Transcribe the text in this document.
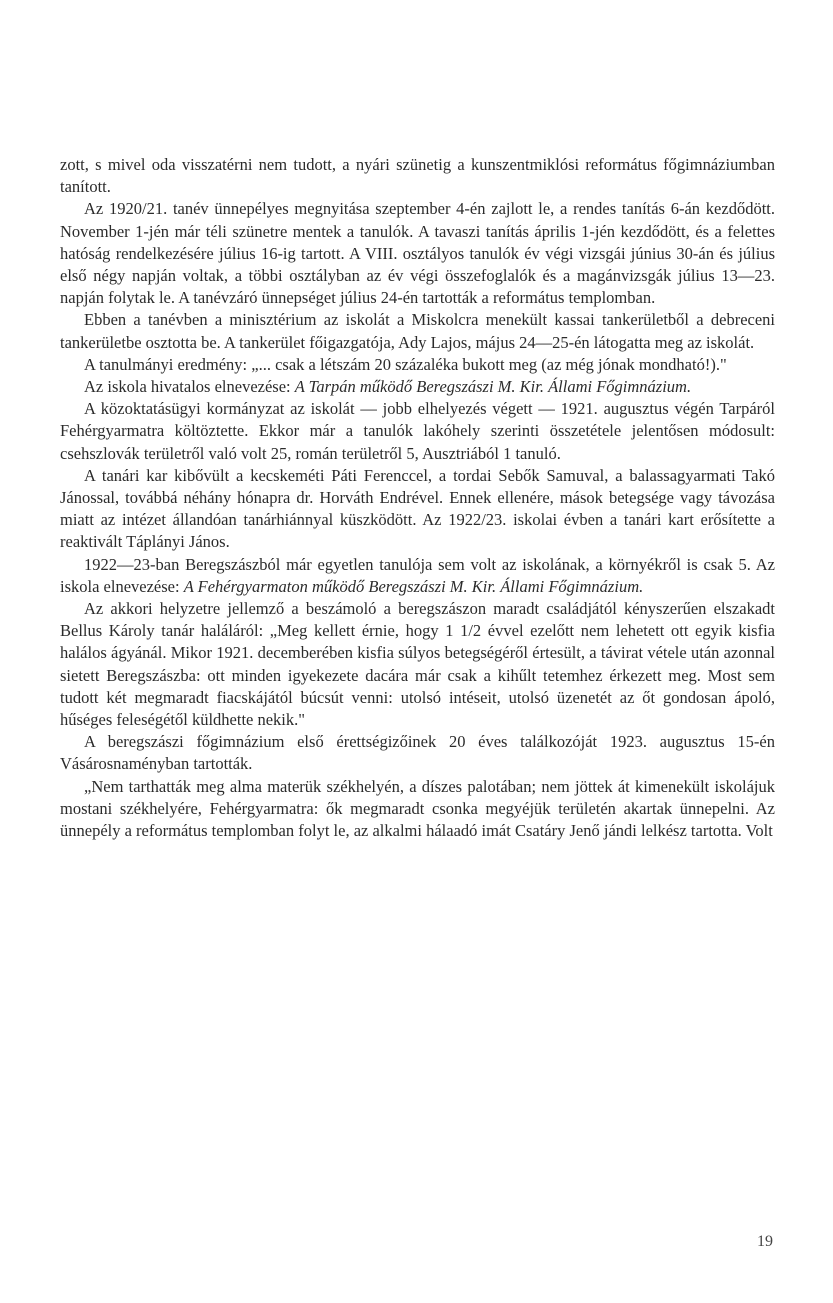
zott, s mivel oda visszatérni nem tudott, a nyári szünetig a kunszentmiklósi református főgimnáziumban tanított.

Az 1920/21. tanév ünnepélyes megnyitása szeptember 4-én zajlott le, a rendes tanítás 6-án kezdődött. November 1-jén már téli szünetre mentek a tanulók. A tavaszi tanítás április 1-jén kezdődött, és a felettes hatóság rendelkezésére július 16-ig tartott. A VIII. osztályos tanulók év végi vizsgái június 30-án és július első négy napján voltak, a többi osztályban az év végi összefoglalók és a magánvizsgák július 13—23. napján folytak le. A tanévzáró ünnepséget július 24-én tartották a református templomban.

Ebben a tanévben a minisztérium az iskolát a Miskolcra menekült kassai tankerületből a debreceni tankerületbe osztotta be. A tankerület főigazgatója, Ady Lajos, május 24—25-én látogatta meg az iskolát.

A tanulmányi eredmény: „... csak a létszám 20 százaléka bukott meg (az még jónak mondható!)."

Az iskola hivatalos elnevezése: A Tarpán működő Beregszászi M. Kir. Állami Főgimnázium.

A közoktatásügyi kormányzat az iskolát — jobb elhelyezés végett — 1921. augusztus végén Tarpáról Fehérgyarmatra költöztette. Ekkor már a tanulók lakóhely szerinti összetétele jelentősen módosult: csehszlovák területről való volt 25, román területről 5, Ausztriából 1 tanuló.

A tanári kar kibővült a kecskeméti Páti Ferenccel, a tordai Sebők Samuval, a balassagyarmati Takó Jánossal, továbbá néhány hónapra dr. Horváth Endrével. Ennek ellenére, mások betegsége vagy távozása miatt az intézet állandóan tanárhiánnyal küszködött. Az 1922/23. iskolai évben a tanári kart erősítette a reaktivált Táplányi János.

1922—23-ban Beregszászból már egyetlen tanulója sem volt az iskolának, a környékről is csak 5. Az iskola elnevezése: A Fehérgyarmaton működő Beregszászi M. Kir. Állami Főgimnázium.

Az akkori helyzetre jellemző a beszámoló a beregszászon maradt családjától kényszerűen elszakadt Bellus Károly tanár haláláról: „Meg kellett érnie, hogy 1 1/2 évvel ezelőtt nem lehetett ott egyik kisfia halálos ágyánál. Mikor 1921. decemberében kisfia súlyos betegségéről értesült, a távirat vétele után azonnal sietett Beregszászba: ott minden igyekezete dacára már csak a kihűlt tetemhez érkezett meg. Most sem tudott két megmaradt fiacskájától búcsút venni: utolsó intéseit, utolsó üzenetét az őt gondosan ápoló, hűséges feleségétől küldhette nekik."

A beregszászi főgimnázium első érettségizőinek 20 éves találkozóját 1923. augusztus 15-én Vásárosnaményban tartották.

„Nem tarthatták meg alma materük székhelyén, a díszes palotában; nem jöttek át kimenekült iskolájuk mostani székhelyére, Fehérgyarmatra: ők megmaradt csonka megyéjük területén akartak ünnepelni. Az ünnepély a református templomban folyt le, az alkalmi hálaadó imát Csatáry Jenő jándi lelkész tartotta. Volt

19
